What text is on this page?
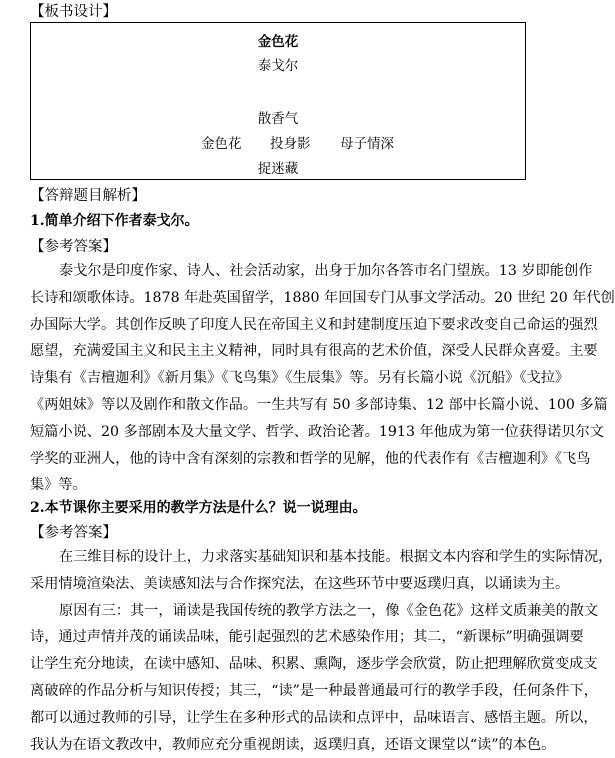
【板书设计】
金色花
泰戈尔
散香气
金色花 投身影 母子情深
捉迷藏
【答辩题目解析】
1.简单介绍下作者泰戈尔。
【参考答案】
泰戈尔是印度作家、诗人、社会活动家，出身于加尔各答市名门望族。13 岁即能创作
长诗和颂歌体诗。1878 年赴英国留学，1880 年回国专门从事文学活动。20 世纪 20 年代创
办国际大学。其创作反映了印度人民在帝国主义和封建制度压迫下要求改变自己命运的强烈
愿望，充满爱国主义和民主主义精神，同时具有很高的艺术价值，深受人民群众喜爱。主要
诗集有《吉檀迦利》《新月集》《飞鸟集》《生辰集》等。另有长篇小说《沉船》《戈拉》
《两姐妹》等以及剧作和散文作品。一生共写有 50 多部诗集、12 部中长篇小说、100 多篇
短篇小说、20 多部剧本及大量文学、哲学、政治论著。1913 年他成为第一位获得诺贝尔文
学奖的亚洲人，他的诗中含有深刻的宗教和哲学的见解，他的代表作有《吉檀迦利》《飞鸟
集》等。
2.本节课你主要采用的教学方法是什么？说一说理由。
【参考答案】
在三维目标的设计上，力求落实基础知识和基本技能。根据文本内容和学生的实际情况，
采用情境渲染法、美读感知法与合作探究法，在这些环节中要返璞归真，以诵读为主。
原因有三：其一，诵读是我国传统的教学方法之一，像《金色花》这样文质兼美的散文
诗，通过声情并茂的诵读品味，能引起强烈的艺术感染作用；其二，“新课标”明确强调要
让学生充分地读，在读中感知、品味、积累、熏陶，逐步学会欣赏，防止把理解欣赏变成支
离破碎的作品分析与知识传授；其三，“读”是一种最普通最可行的教学手段，任何条件下，
都可以通过教师的引导，让学生在多种形式的品读和点评中，品味语言、感悟主题。所以，
我认为在语文教改中，教师应充分重视朗读，返璞归真，还语文课堂以“读”的本色。
